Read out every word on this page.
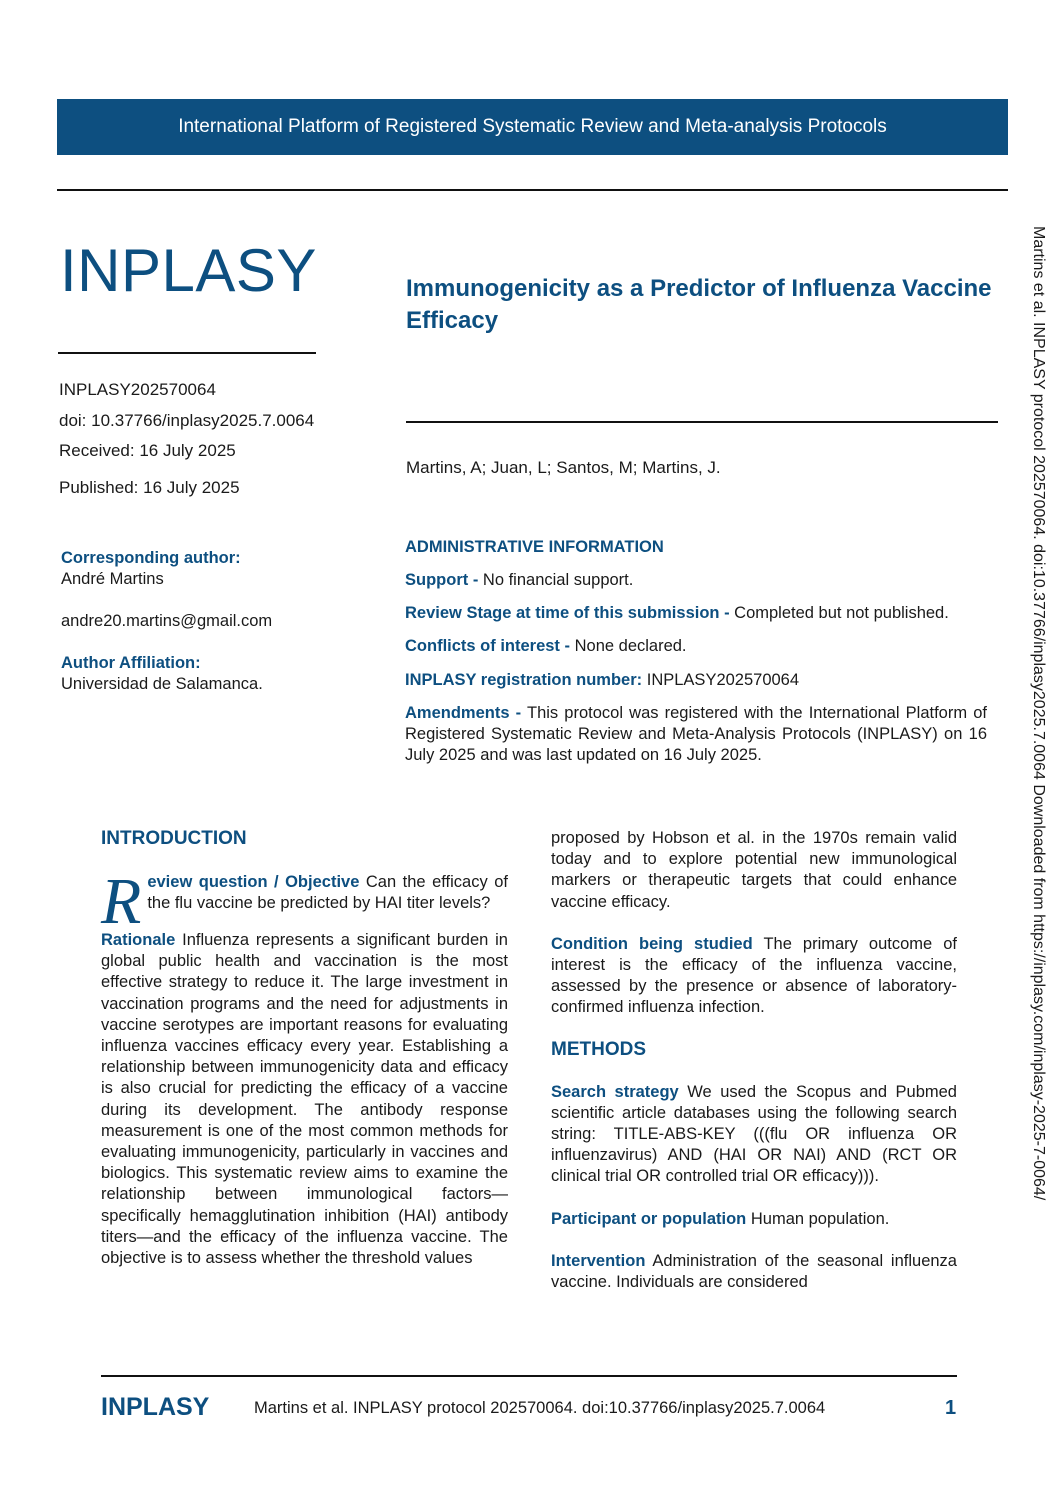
International Platform of Registered Systematic Review and Meta-analysis Protocols
INPLASY	Immunogenicity as a Predictor of Influenza Vaccine Efficacy
INPLASY202570064
doi: 10.37766/inplasy2025.7.0064
Received: 16 July 2025
Published: 16 July 2025
Martins, A; Juan, L; Santos, M; Martins, J.
Corresponding author:
André Martins
andre20.martins@gmail.com
Author Affiliation:
Universidad de Salamanca.
ADMINISTRATIVE INFORMATION
Support - No financial support.
Review Stage at time of this submission - Completed but not published.
Conflicts of interest - None declared.
INPLASY registration number: INPLASY202570064
Amendments - This protocol was registered with the International Platform of Registered Systematic Review and Meta-Analysis Protocols (INPLASY) on 16 July 2025 and was last updated on 16 July 2025.
INTRODUCTION
R eview question / Objective Can the efficacy of the flu vaccine be predicted by HAI titer levels?
Rationale Influenza represents a significant burden in global public health and vaccination is the most effective strategy to reduce it. The large investment in vaccination programs and the need for adjustments in vaccine serotypes are important reasons for evaluating influenza vaccines efficacy every year. Establishing a relationship between immunogenicity data and efficacy is also crucial for predicting the efficacy of a vaccine during its development. The antibody response measurement is one of the most common methods for evaluating immunogenicity, particularly in vaccines and biologics. This systematic review aims to examine the relationship between immunological factors—specifically hemagglutination inhibition (HAI) antibody titers—and the efficacy of the influenza vaccine. The objective is to assess whether the threshold values
proposed by Hobson et al. in the 1970s remain valid today and to explore potential new immunological markers or therapeutic targets that could enhance vaccine efficacy.
Condition being studied The primary outcome of interest is the efficacy of the influenza vaccine, assessed by the presence or absence of laboratory-confirmed influenza infection.
METHODS
Search strategy We used the Scopus and Pubmed scientific article databases using the following search string: TITLE-ABS-KEY (((flu OR influenza OR influenzavirus) AND (HAI OR NAI) AND (RCT OR clinical trial OR controlled trial OR efficacy))).
Participant or population Human population.
Intervention Administration of the seasonal influenza vaccine. Individuals are considered
Martins et al. INPLASY protocol 202570064. doi:10.37766/inplasy2025.7.0064 Downloaded from https://inplasy.com/inplasy-2025-7-0064/
INPLASY	Martins et al. INPLASY protocol 202570064. doi:10.37766/inplasy2025.7.0064	1
